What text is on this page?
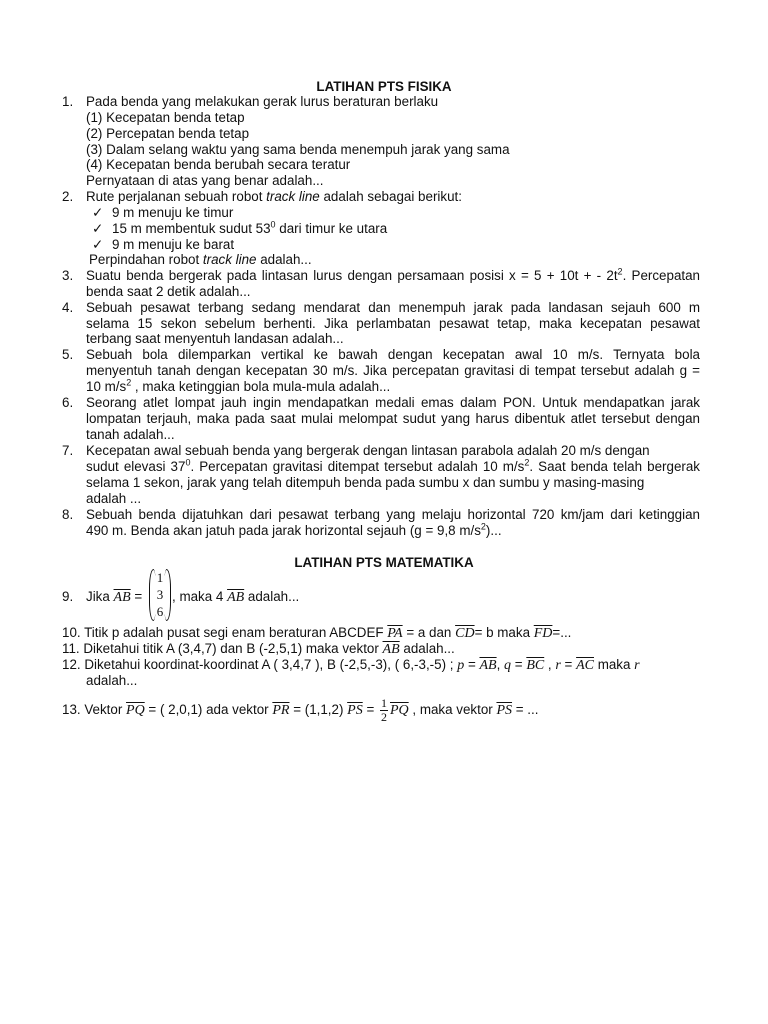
LATIHAN PTS FISIKA
1. Pada benda yang melakukan gerak lurus beraturan berlaku
(1) Kecepatan benda tetap
(2) Percepatan benda tetap
(3) Dalam selang waktu yang sama benda menempuh jarak yang sama
(4) Kecepatan benda berubah secara teratur
Pernyataan di atas yang benar adalah...
2. Rute perjalanan sebuah robot track line adalah sebagai berikut:
✓ 9 m menuju ke timur
✓ 15 m membentuk sudut $53^0$ dari timur ke utara
✓ 9 m menuju ke barat
Perpindahan robot track line adalah...
3. Suatu benda bergerak pada lintasan lurus dengan persamaan posisi x = 5 + 10t + - $2t^2$. Percepatan
benda saat 2 detik adalah...
4. Sebuah pesawat terbang sedang mendarat dan menempuh jarak pada landasan sejauh 600 m
selama 15 sekon sebelum berhenti. Jika perlambatan pesawat tetap, maka kecepatan pesawat
terbang saat menyentuh landasan adalah...
5. Sebuah bola dilemparkan vertikal ke bawah dengan kecepatan awal 10 m/s. Ternyata bola
menyentuh tanah dengan kecepatan 30 m/s. Jika percepatan gravitasi di tempat tersebut adalah g =
10 $m/s^2$ , maka ketinggian bola mula-mula adalah...
6. Seorang atlet lompat jauh ingin mendapatkan medali emas dalam PON. Untuk mendapatkan jarak
lompatan terjauh, maka pada saat mulai melompat sudut yang harus dibentuk atlet tersebut dengan
tanah adalah...
7. Kecepatan awal sebuah benda yang bergerak dengan lintasan parabola adalah 20 m/s dengan
sudut elevasi $37^0$. Percepatan gravitasi ditempat tersebut adalah 10 $m/s^2$. Saat benda telah bergerak
selama 1 sekon, jarak yang telah ditempuh benda pada sumbu x dan sumbu y masing-masing
adalah ...
8. Sebuah benda dijatuhkan dari pesawat terbang yang melaju horizontal 720 km/jam dari ketinggian
490 m. Benda akan jatuh pada jarak horizontal sejauh (g = 9,8 $m/s^2$)...
LATIHAN PTS MATEMATIKA
9. Jika $\overline{AB}$ =
1
3
6
, maka 4 $\overline{AB}$ adalah...
10. Titik p adalah pusat segi enam beraturan ABCDEF $\overline{PA} = a$ dan $\overline{CD}= b$ maka $\overline{FD}=$...
11. Diketahui titik A (3,4,7) dan B (-2,5,1) maka vektor $\overline{AB}$ adalah...
12. Diketahui koordinat-koordinat A ( 3,4,7 ), B (-2,5,-3), ( 6,-3,-5) ; $p = \overline{AB}$, $q = \overline{BC}$ , $r = \overline{AC}$ maka r
adalah...
13. Vektor $\overline{PQ}$ = ( 2,0,1) ada vektor $\overline{PR} = (1,1,2) \overline{PS} = \frac{1}{2} \overline{PQ}$ , maka vektor $\overline{PS}$ = ...
